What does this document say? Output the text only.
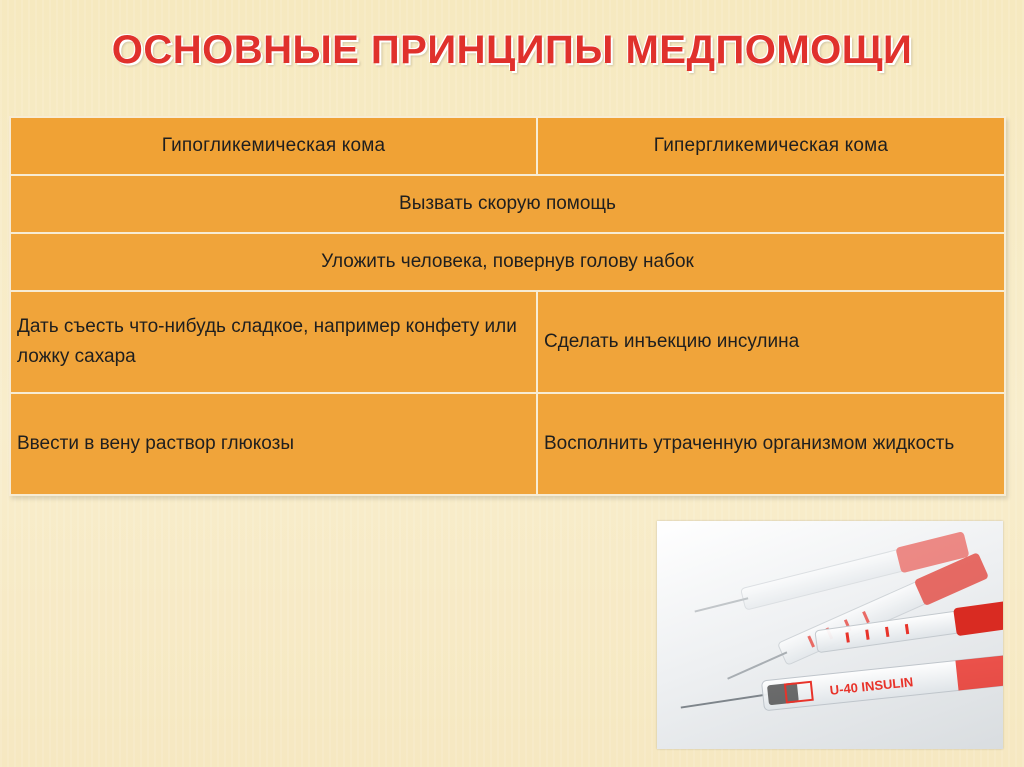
ОСНОВНЫЕ ПРИНЦИПЫ МЕДПОМОЩИ
Гипогликемическая кома	Гипергликемическая кома
Вызвать скорую помощь	
Уложить человека, повернув голову набок	
Дать съесть что-нибудь сладкое, например конфету или ложку сахара	Сделать инъекцию инсулина
Ввести в вену раствор глюкозы	Восполнить утраченную организмом жидкость
U-40 INSULIN
